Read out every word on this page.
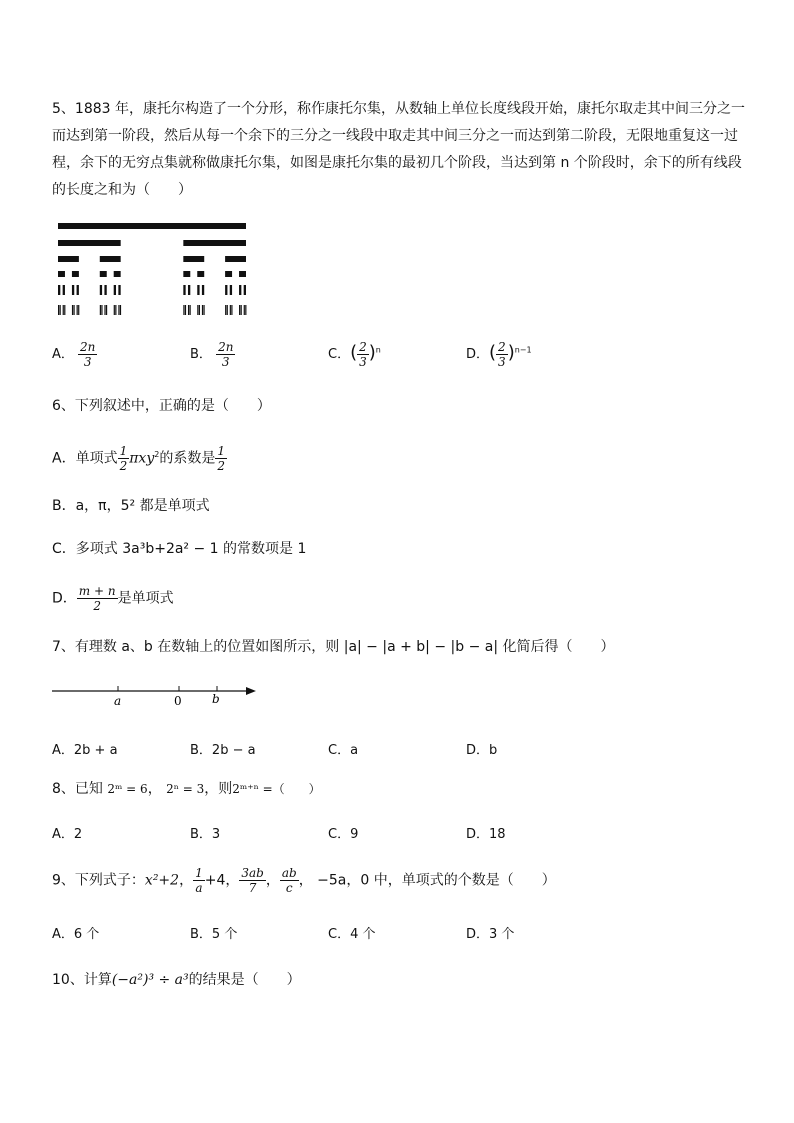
5、1883 年，康托尔构造了一个分形，称作康托尔集，从数轴上单位长度线段开始，康托尔取走其中间三分之一而达到第一阶段，然后从每一个余下的三分之一线段中取走其中间三分之一而达到第二阶段，无限地重复这一过程，余下的无穷点集就称做康托尔集，如图是康托尔集的最初几个阶段，当达到第 n 个阶段时，余下的所有线段的长度之和为（　　）
A． $\frac{2n}{3}$	B． $\frac{2n}{3}$	C．( $\frac{2}{3} )^n$	D．( $\frac{2}{3} )^{n-1}$
6、下列叙述中，正确的是（　　）
A．单项式 $\frac{1}{2} \pi xy^2$的系数是 $\frac{1}{2}$
B．a，π，5² 都是单项式
C．多项式 3a³b+2a² − 1 的常数项是 1
D． $\frac{m + n}{2}$ 是单项式
7、有理数 a、b 在数轴上的位置如图所示，则 |a| − |a + b| − |b − a| 化简后得（　　）
a	0	b
A．2b + a	B．2b − a	C．a	D．b
8、已知 2ᵐ = 6， 2ⁿ = 3，则2ᵐ⁺ⁿ =（　　）
A．2	B．3	C．9	D．18
9、下列式子：x²+2， $\frac{1}{a} +4$， $\frac{3ab}{7}$ ， $\frac{ab}{c}$ ， −5a，0 中，单项式的个数是（　　）
A．6 个	B．5 个	C．4 个	D．3 个
10、计算(−a²)³ ÷ a³的结果是（　　）
